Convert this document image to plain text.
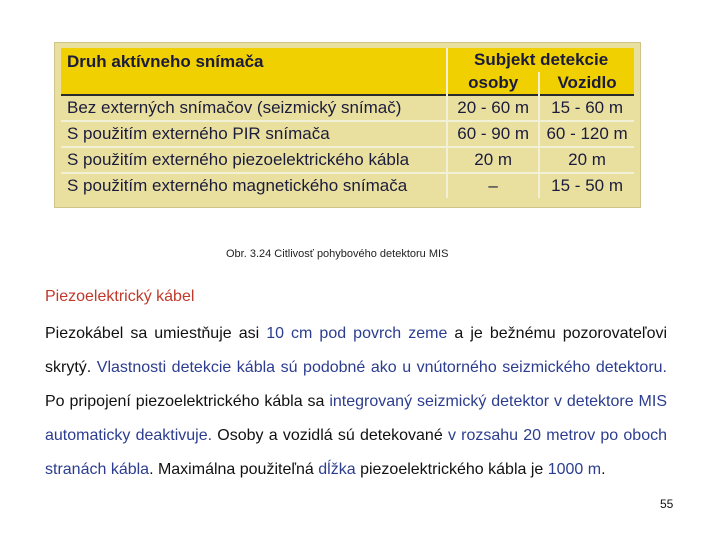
Druh aktívneho snímača	Subjekt detekcie	
	osoby	Vozidlo
Bez externých snímačov (seizmický snímač)	20 - 60 m	15 - 60 m
S použitím externého PIR snímača	60 - 90 m	60 - 120 m
S použitím externého piezoelektrického kábla	20 m	20 m
S použitím externého magnetického snímača	–	15 - 50 m
Obr. 3.24 Citlivosť pohybového detektoru MIS
Piezoelektrický kábel

Piezokábel sa umiestňuje asi 10 cm pod povrch zeme a je bežnému pozorovateľovi skrytý. Vlastnosti detekcie kábla sú podobné ako u vnútorného seizmického detektoru. Po pripojení piezoelektrického kábla sa integrovaný seizmický detektor v detektore MIS automaticky deaktivuje. Osoby a vozidlá sú detekované v rozsahu 20 metrov po oboch stranách kábla. Maximálna použiteľná dĺžka piezoelektrického kábla je 1000 m.

55
